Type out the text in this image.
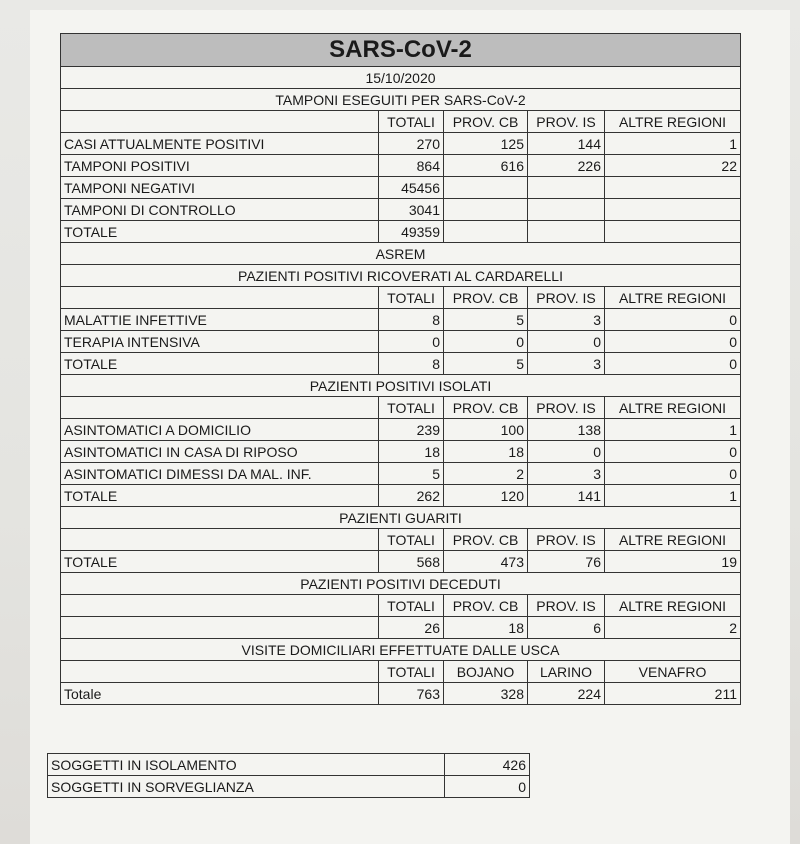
SARS-CoV-2				
15/10/2020				
TAMPONI ESEGUITI PER SARS-CoV-2				
	TOTALI	PROV. CB	PROV. IS	ALTRE REGIONI
CASI ATTUALMENTE POSITIVI	270	125	144	1
TAMPONI POSITIVI	864	616	226	22
TAMPONI NEGATIVI	45456			
TAMPONI DI CONTROLLO	3041			
TOTALE	49359			
ASREM				
PAZIENTI POSITIVI RICOVERATI AL CARDARELLI				
	TOTALI	PROV. CB	PROV. IS	ALTRE REGIONI
MALATTIE INFETTIVE	8	5	3	0
TERAPIA INTENSIVA	0	0	0	0
TOTALE	8	5	3	0
PAZIENTI POSITIVI ISOLATI				
	TOTALI	PROV. CB	PROV. IS	ALTRE REGIONI
ASINTOMATICI A DOMICILIO	239	100	138	1
ASINTOMATICI IN CASA DI RIPOSO	18	18	0	0
ASINTOMATICI DIMESSI DA MAL. INF.	5	2	3	0
TOTALE	262	120	141	1
PAZIENTI GUARITI				
	TOTALI	PROV. CB	PROV. IS	ALTRE REGIONI
TOTALE	568	473	76	19
PAZIENTI POSITIVI DECEDUTI				
	TOTALI	PROV. CB	PROV. IS	ALTRE REGIONI
	26	18	6	2
VISITE DOMICILIARI EFFETTUATE DALLE USCA				
	TOTALI	BOJANO	LARINO	VENAFRO
Totale	763	328	224	211
SOGGETTI IN ISOLAMENTO	426
SOGGETTI IN SORVEGLIANZA	0
